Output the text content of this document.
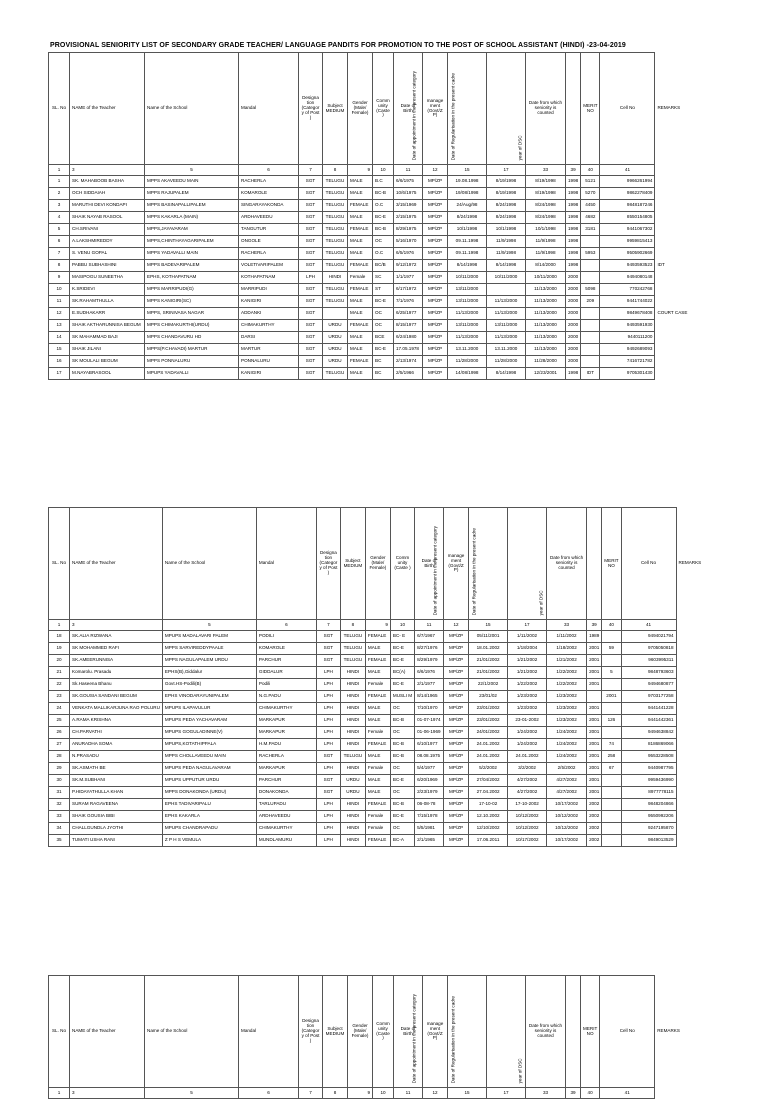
PROVISIONAL SENIORITY LIST OF SECONDARY GRADE TEACHER/ LANGUAGE PANDITS FOR PROMOTION TO THE POST OF SCHOOL ASSISTANT (HINDI) -23-04-2019
SL. No	NAME of the Teacher	Name of the School	Mandal	Designa tion (Categor y of Post )	Subject MEDIUM	Gender (Male/ Female)	Comm unity (Caste )	Date of Birth	manage ment (Govt/Z P)	Date of appointment in the present category	Date of Regularisation in the present cadre	Date from which seniority is counted	year of DSC	MERIT NO	Cell No	REMARKS
1	3	5	6	7	8	9	10	11	12	15	17	33	39	40	41	
1	SK. MAHABOOB BASHA	MPPS AKAVEEDU MAIN	RACHERLA	SGT	TELUGU	MALE	B.C	6/6/1975	MP/ZP	19.08.1998	8/19/1998	8/19/1998	1998	5121	9966261994	
2	OCH SIDDAIAH	MPPS RAJUPALEM	KOMAROLE	SGT	TELUGU	MALE	BC-B	10/6/1975	MP/ZP	19/08/1998	8/19/1998	8/19/1998	1998	5270	9862278409	
3	MARUTHI DEVI KONDAPI	MPPS BASINAPALLIPALEM	SINGARAYAKONDA	SGT	TELUGU	FEMALE	O.C	3/15/1969	MP/ZP	24/Aug/98	8/24/1998	8/24/1998	1998	4450	9848187246	
4	SHAIK NAYAB RASOOL	MPPS KAKARLA (MAIN)	ARDHAVEEDU	SGT	TELUGU	MALE	BC-E	2/15/1975	MP/ZP	8/24/1998	8/24/1998	8/24/1998	1998	4682	8550154805	
5	CH.SRIVANI	MPPS,JAYAVARAM	TANGUTUR	SGT	TELUGU	FEMALE	BC-B	8/29/1975	MP/ZP	10/1/1998	10/1/1998	10/1/1998	1998	3181	9441067302	
6	A.LAKSHMIREDDY	MPPS,CHINTHAYAGARIPALEM	ONGOLE	SGT	TELUGU	MALE	OC	5/16/1970	MP/ZP	09.11.1998	11/9/1998	11/9/1998	1998		9959815413	
7	S. VENU GOPAL	MPPS YADAVALLI MAIN	RACHERLA	SGT	TELUGU	MALE	O.C	6/5/1976	MP/ZP	09.11.1998	11/9/1998	11/9/1998	1998	5953	9505902669	
8	PABBU SUBHASHINI	MPPS BADEVARIPALEM	VOLETIVARIPALEM	SGT	TELUGU	FEMALE	BC/B	9/12/1972	MP/ZP	8/14/1998	8/14/1998	8/14/2000	1998		9493593523	IDT
9	MASIPOGU SUNEETHA	EPHS, KOTHAPATNAM	KOTHAPATNAM	LPH	HINDI	Female	SC	1/1/1977	MP/ZP	10/11/2000	10/11/2000	10/11/2000	2000		9494080148	
10	K.SRIDEVI	MPPS MARRIPUDI(G)	MARRIPUDI	SGT	TELUGU	FEMALE	ST	6/17/1972	MP/ZP	13/11/2000		11/13/2000	2000	5098	770242768	
11	SK.RAHAMTHULLA	MPPS KANIGIRI(SC)	KANIGIRI	SGT	TELUGU	MALE	BC-E	7/1/1976	MP/ZP	13/11/2000	11/13/2000	11/13/2000	2000	209	9441744022	
12	E.SUDHAKARR	MPPS, SRINIVASA NAGAR	ADDANKI	SGT		MALE	OC	6/25/1977	MP/ZP	11/13/2000	11/13/2000	11/13/2000	2000		9849678408	COURT CASE
13	SHAIK AKTHARUNNISA BEGUM	MPPS CHIMAKURTHI(URDU)	CHIMAKURTHY	SGT	URDU	FEMALE	OC	8/15/1977	MP/ZP	13/11/2000	13/11/2000	11/13/2000	2000		9493591930	
14	SK MAHAMMAD BAJI	MPPS CHANDAVURU HD	DARSI	SGT	URDU	MALE	BCE	6/24/1980	MP/ZP	11/13/2000	11/13/2000	11/13/2000	2000		9440111200	
15	SHAIK JILANI	MPPS(P.CHAVADI) MARTUR	MARTUR	SGT	URDU	MALE	BC-E	17.05.1978	MP/ZP	13.11.2000	13.11.2000	11/13/2000	2000		9492689093	
16	SK MOULALI BEGUM	MPPS PONNALURU	PONNALURU	SGT	URDU	FEMALE	BC	2/13/1974	MP/ZP	11/28/2000	11/28/2000	11/28/2000	2000		7416721782	
17	M.NAYABRASOOL	MPUPS YADAVALLI	KANIGIRI	SGT	TELUGU	MALE	BC	2/5/1966	MP/ZP	14/08/1998	8/14/1998	12/23/2001	1998	IDT	9705301430	
SL. No	NAME of the Teacher	Name of the School	Mandal	Designa tion (Categor y of Post )	Subject MEDIUM	Gender (Male/ Female)	Comm unity (Caste )	Date of Birth	manage ment (Govt/Z P)	Date of appointment in the present category	Date of Regularisation in the present cadre	Date from which seniority is counted	year of DSC	MERIT NO	Cell No	REMARKS
1	3	5	6	7	8	9	10	11	12	15	17	33	39	40	41	
18	SK.ALIA RIZWANA	MPUPS MADALAVARI PALEM	PODILI	SGT	TELUGU	FEMALE	BC- E	6/7/1967	MP/ZP	05/11/2001	1/11/2002	1/11/2002	1989		9494021794	
19	SK MOHAMMED RAFI	MPPS SARVIREDDYPAALE	KOMAROLE	SGT	TELUGU	MALE	BC-E	8/27/1976	MP/ZP	18.01.2002	1/18/2004	1/18/2002	2001	59	9705050818	
20	SK.AMEERUNNISA	MPPS NAGULAPALEM URDU	PARCHUR	SGT	TELUGU	FEMALE	BC-E	8/29/1979	MP/ZP	21/01/2002	1/21/2002	1/21/2002	2001		9603995311	
21	Komarolu. Prasadu	EPHS(B),Giddalur	GIDDALUR	LPH	HINDI	MALE	BC(A)	6/6/1976	MP/ZP	21/01/2002	1/21/2002	1/22/2002	2001	5	9848793603	
22	Sk.Haseena Bhanu	Govt.HS-Podili(B)	Podili	LPH	HINDI	Female	BC-E	2/1/1977	MP/ZP	22/1/2002	1/22/2002	1/22/2002	2001		9494680877	
23	SK.GOUSIA SANDANI BEGUM	EPHS VINODARAYUNIPALEM	N.G.PADU	LPH	HINDI	FEMALE	MUSLI M	8/14/1965	MP/ZP	23/01/02	1/23/2002	1/23/2002		2001	9703177258	
24	VENKATA MALLIKARJUNA RAO POLURU	MPUPS ILAPAVULUR	CHIMAKURTHY	LPH	HINDI	MALE	OC	7/10/1970	MP/ZP	23/01/2002	1/23/2002	1/23/2002	2001		9441441228	
25	A.RAMA KRISHNA	MPUPS PEDA YACHAVARAM	MARKAPUR	LPH	HINDI	MALE	BC-B	01-07-1974	MP/ZP	23/01/2002	23-01-2002	1/23/2002	2001	126	9441442361	
26	CH.PARVATHI	MPUPS GOGULADINNE(V)	MARKAPUR	LPH	HINDI	Female	OC	01-06-1969	MP/ZP	24/01/2002	1/24/2002	1/24/2002	2001		9494638842	
27	ANURADHA SOMA	MPUPS,KOTATHIPPALA	H.M.PADU	LPH	HINDI	FEMALE	BC-B	6/10/1977	MP/ZP	24.01.2002	1/24/2002	1/24/2002	2001	74	8186869066	
28	N.PRASADU	MPPS CHOLLAVEEDU MAIN	RACHERLA	SGT	TELUGU	MALE	BC-B	08.08.1975	MP/ZP	24.01.2002	24.01.2002	1/24/2002	2001	258	9553228508	
29	SK.ASMATH BE	MPUPS PEDA NAGULAVARAM	MARKAPUR	LPH	HINDI	Female	OC	5/4/1977	MP/ZP	5/2/2002	3/2/2002	2/5/2002	2001	67	9440987795	
30	SK.M.SUBHANI	MPUPS UPPUTUR URDU	PARCHUR	SGT	URDU	MALE	BC-E	6/20/1969	MP/ZP	27/04/2002	4/27/2002	4/27/2002	2001		9959436990	
31	P.HIDAYATHULLA KHAN	MPPS DONAKONDA (URDU)	DONAKONDA	SGT	URDU	MALE	OC	2/23/1979	MP/ZP	27.04.2002	4/27/2002	4/27/2002	2001		8977778115	
32	SURAM RAGAVEENA	EPHS TADIVARIPALU	TARLUPADU	LPH	HINDI	FEMALE	BC-B	06-08-78	MP/ZP	17-10-02	17-10-2002	10/17/2002	2002		9848204866	
33	SHAIK GOUSIA BIBI	EPHS KAKARLA	ARDHAVEEDU	LPH	HINDI	Female	BC-E	7/15/1978	MP/ZP	12.10.2002	10/12/2002	10/12/2002	2002		9550992206	
34	CHALLGUNDLA JYOTHI	MPUPS CHANDRAPADU	CHIMAKURTHY	LPH	HINDI	Female	OC	5/5/1981	MP/ZP	12/10/2002	10/12/2002	10/12/2002	2002		9247195870	
35	TUMATI USHA RANI	Z P H S VEMULA	MUNDLAMURU	LPH	HINDI	FEMALE	BC-A	2/1/1965	MP/ZP	17.06.2011	10/17/2002	10/17/2002	2002		9849013529	
SL. No	NAME of the Teacher	Name of the School	Mandal	Designa tion (Categor y of Post )	Subject MEDIUM	Gender (Male/ Female)	Comm unity (Caste )	Date of Birth	manage ment (Govt/Z P)	Date of appointment in the present category	Date of Regularisation in the present cadre	Date from which seniority is counted	year of DSC	MERIT NO	Cell No	REMARKS
1	3	5	6	7	8	9	10	11	12	15	17	33	39	40	41	
